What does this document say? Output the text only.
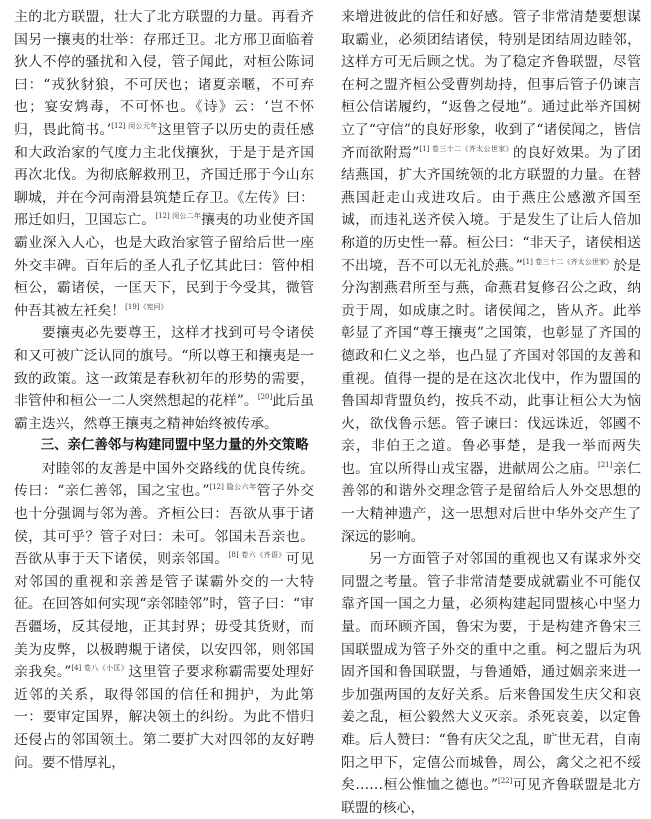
主的北方联盟，壮大了北方联盟的力量。再看齐国另一攘夷的壮举：存邢迁卫。北方邢卫面临着狄人不停的骚扰和入侵，管子闻此，对桓公陈词曰：“戎狄豺狼，不可厌也；诸夏亲暱，不可弃也；宴安鸩毒，不可怀也。《诗》云：‘岂不怀归，畏此简书。’$^{[12] 闵公元年}$这里管子以历史的责任感和大政治家的气度力主北伐攘狄，于是于是齐国再次北伐。为彻底解救刑卫，齐国迁邢于今山东聊城，并在今河南滑县筑楚丘存卫。《左传》曰：邢迁如归，卫国忘亡。$^{[12] 闵公二年}$攘夷的功业使齐国霸业深入人心，也是大政治家管子留给后世一座外交丰碑。百年后的圣人孔子忆其此曰：管仲相桓公，霸诸侯，一匡天下，民到于今受其，微管仲吾其被左衽矣！$^{[19]《宪问》}$

要攘夷必先要尊王，这样才找到可号令诸侯和又可被广泛认同的旗号。“所以尊王和攘夷是一致的政策。这一政策是春秋初年的形势的需要，非管仲和桓公一二人突然想起的花样”。[20]此后虽霸主迭兴，然尊王攘夷之精神始终被传承。

三、亲仁善邻与构建同盟中坚力量的外交策略

对睦邻的友善是中国外交路线的优良传统。传曰：“亲仁善邻，国之宝也。”$^{[12] 隐公六年}$管子外交也十分强调与邻为善。齐桓公曰：吾欲从事于诸侯，其可乎？管子对曰：未可。邻国未吾亲也。吾欲从事于天下诸侯，则亲邻国。$^{[8] 卷六《齐语》}$可见对邻国的重视和亲善是管子谋霸外交的一大特征。在回答如何实现“亲邻睦邻”时，管子曰：“审吾疆场，反其侵地，正其封界；毋受其货财，而美为皮弊，以极聘覜于诸侯，以安四邻，则邻国亲我矣。”$^{[4] 卷八《小匡》}$这里管子要求称霸需要处理好近邻的关系，取得邻国的信任和拥护，为此第一：要审定国界，解决领土的纠纷。为此不惜归还侵占的邻国领土。第二要扩大对四邻的友好聘问。要不惜厚礼，

来增进彼此的信任和好感。管子非常清楚要想谋取霸业，必须团结诸侯，特别是团结周边睦邻，这样方可无后顾之忧。为了稳定齐鲁联盟，尽管在柯之盟齐桓公受曹刿劫持，但事后管子仍谏言桓公信诺履约，“返鲁之侵地”。通过此举齐国树立了“守信”的良好形象，收到了“诸侯闻之，皆信齐而欲附焉”$^{[1] 卷三十二《齐太公世家》}$的良好效果。为了团结燕国，扩大齐国统领的北方联盟的力量。在替燕国赶走山戎进攻后。由于燕庄公感激齐国至诚，而违礼送齐侯入境。于是发生了让后人倍加称道的历史性一幕。桓公曰：“非天子，诸侯相送不出境，吾不可以无礼於燕。”$^{[1] 卷三十二《齐太公世家》}$於是分沟割燕君所至与燕，命燕君复修召公之政，纳贡于周，如成康之时。诸侯闻之，皆从齐。此举彰显了齐国“尊王攘夷”之国策，也彰显了齐国的德政和仁义之举，也凸显了齐国对邻国的友善和重视。值得一提的是在这次北伐中，作为盟国的鲁国却背盟负约，按兵不动，此事让桓公大为恼火，欲伐鲁示惩。管子谏曰：伐远诛近，邻國不亲，非伯王之道。鲁必事楚，是我一举而两失也。宜以所得山戎宝器，进献周公之庙。[21]亲仁善邻的和谐外交理念管子是留给后人外交思想的一大精神遗产，这一思想对后世中华外交产生了深远的影响。

另一方面管子对邻国的重视也又有谋求外交同盟之考量。管子非常清楚要成就霸业不可能仅靠齐国一国之力量，必须构建起同盟核心中坚力量。而环顾齐国，鲁宋为要，于是构建齐鲁宋三国联盟成为管子外交的重中之重。柯之盟后为巩固齐国和鲁国联盟，与鲁通婚，通过姻亲来进一步加强两国的友好关系。后来鲁国发生庆父和哀姜之乱，桓公毅然大义灭亲。杀死哀姜，以定鲁难。后人赞曰：“鲁有庆父之乱，旷世无君，自南阳之甲下，定僖公而城鲁，周公，禽父之祀不绥矣……桓公惟恤之德也。”[22]可见齐鲁联盟是北方联盟的核心，
